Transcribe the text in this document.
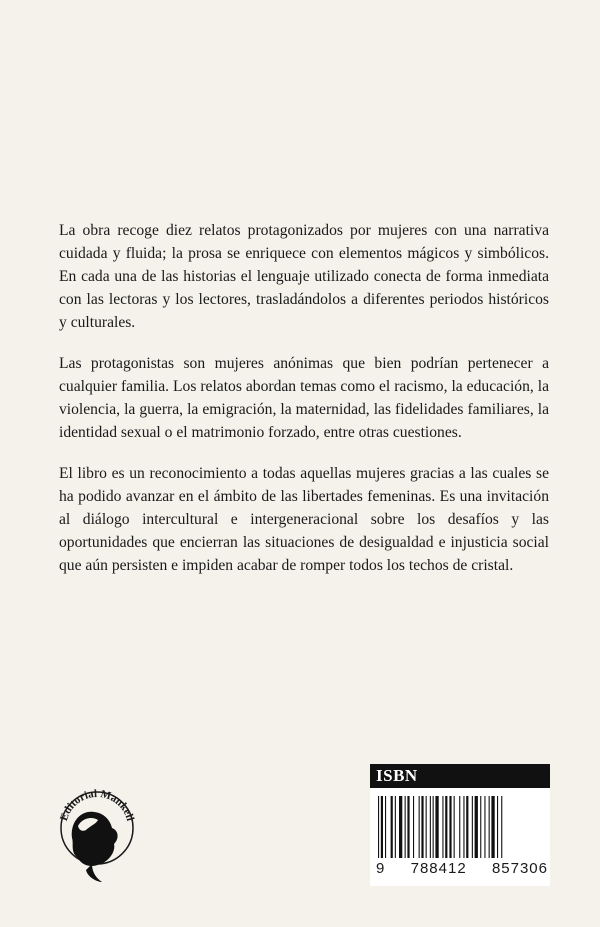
La obra recoge diez relatos protagonizados por mujeres con una narrativa cuidada y fluida; la prosa se enriquece con elementos mágicos y simbólicos. En cada una de las historias el lenguaje utilizado conecta de forma inmediata con las lectoras y los lectores, trasladándolos a diferentes periodos históricos y culturales.

Las protagonistas son mujeres anónimas que bien podrían pertenecer a cualquier familia. Los relatos abordan temas como el racismo, la educación, la violencia, la guerra, la emigración, la maternidad, las fidelidades familiares, la identidad sexual o el matrimonio forzado, entre otras cuestiones.

El libro es un reconocimiento a todas aquellas mujeres gracias a las cuales se ha podido avanzar en el ámbito de las libertades femeninas. Es una invitación al diálogo intercultural e intergeneracional sobre los desafíos y las oportunidades que encierran las situaciones de desigualdad e injusticia social que aún persisten e impiden acabar de romper todos los techos de cristal.

Editorial Mankell
ISBN
9 788412 857306
